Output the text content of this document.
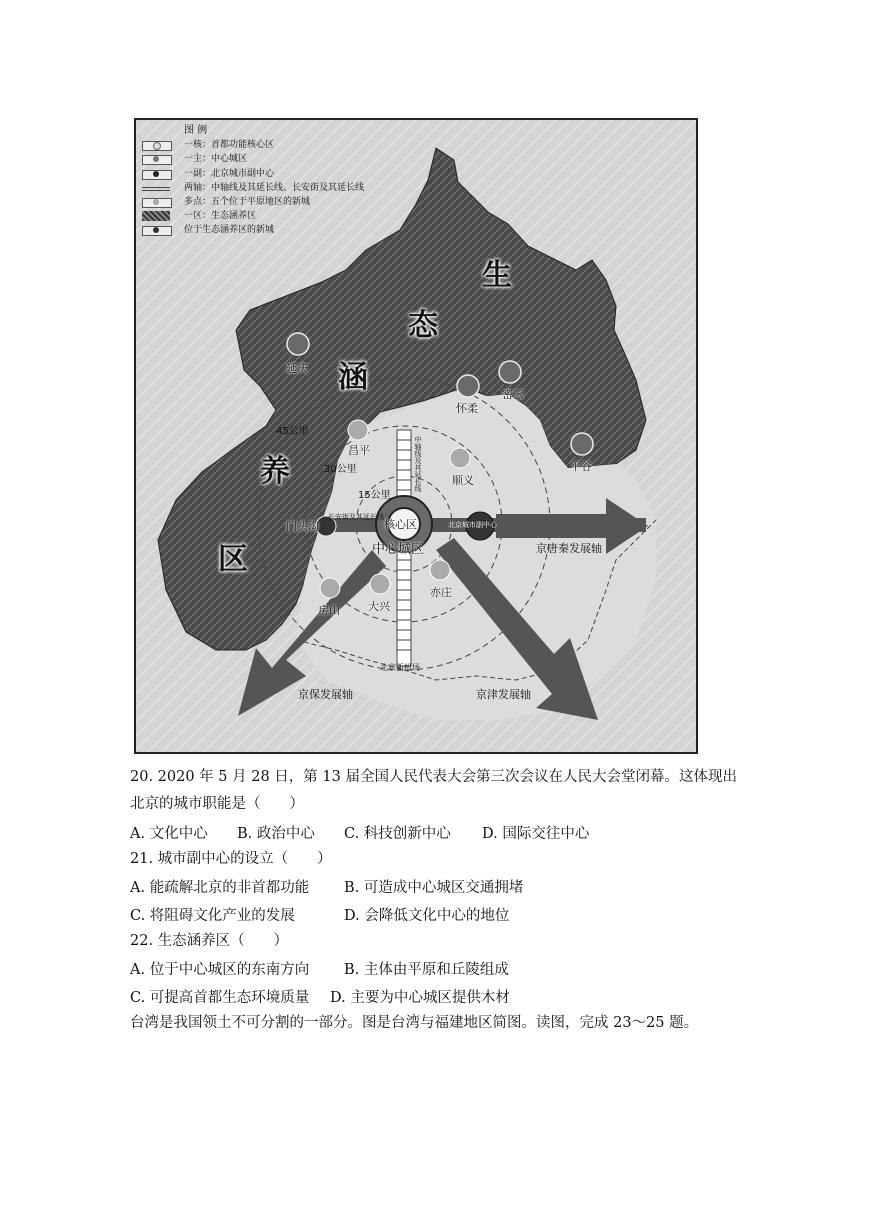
图 例
一核：首都功能核心区
一主：中心城区
一副：北京城市副中心
两轴：中轴线及其延长线、长安街及其延长线
多点：五个位于平原地区的新城
一区：生态涵养区
位于生态涵养区的新城
生
态
涵
养
区
延庆
怀柔
密云
平谷
昌平
顺义
门头沟
房山	大兴
亦庄
15公里
30公里
45公里
核心区
中心城区
北京城市副中心
长安街及其延长线
中轴线及其延长线
北京新机场
京唐秦发展轴
京保发展轴	京津发展轴
20. 2020 年 5 月 28 日，第 13 届全国人民代表大会第三次会议在人民大会堂闭幕。这体现出
北京的城市职能是（　　）
A. 文化中心 B. 政治中心 C. 科技创新中心 D. 国际交往中心
21. 城市副中心的设立（　　）
A. 能疏解北京的非首都功能 B. 可造成中心城区交通拥堵
C. 将阻碍文化产业的发展	D. 会降低文化中心的地位
22. 生态涵养区（　　）
A. 位于中心城区的东南方向 B. 主体由平原和丘陵组成
C. 可提高首都生态环境质量 D. 主要为中心城区提供木材
台湾是我国领土不可分割的一部分。图是台湾与福建地区简图。读图，完成 23～25 题。
